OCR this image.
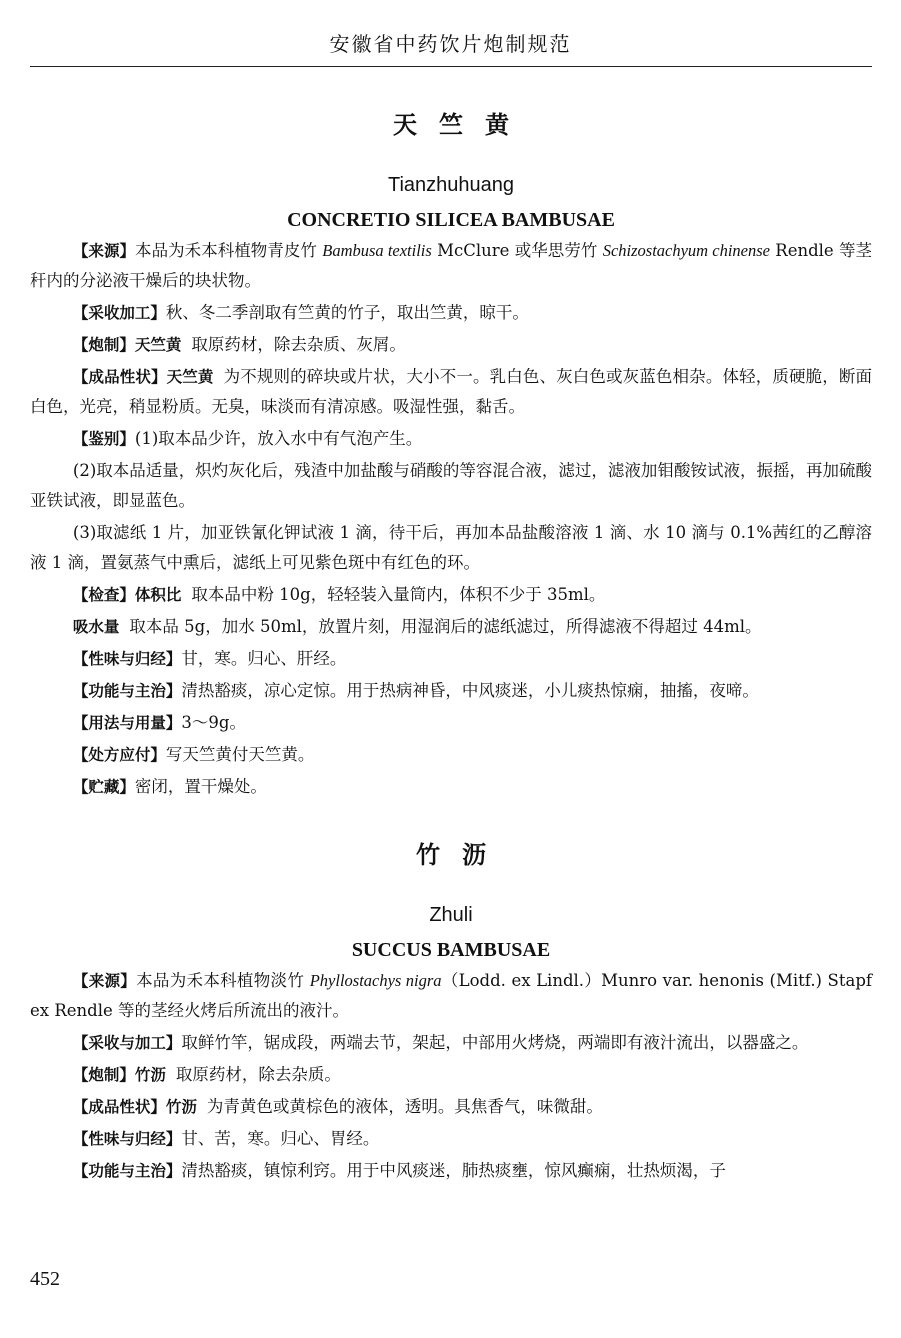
安徽省中药饮片炮制规范
天竺黄
Tianzhuhuang
CONCRETIO SILICEA BAMBUSAE

【来源】本品为禾本科植物青皮竹 Bambusa textilis McClure 或华思劳竹 Schizostachyum chinense Rendle 等茎秆内的分泌液干燥后的块状物。

【采收加工】秋、冬二季剖取有竺黄的竹子，取出竺黄，晾干。

【炮制】天竺黄 取原药材，除去杂质、灰屑。

【成品性状】天竺黄 为不规则的碎块或片状，大小不一。乳白色、灰白色或灰蓝色相杂。体轻，质硬脆，断面白色，光亮，稍显粉质。无臭，味淡而有清凉感。吸湿性强，黏舌。

【鉴别】(1)取本品少许，放入水中有气泡产生。

(2)取本品适量，炽灼灰化后，残渣中加盐酸与硝酸的等容混合液，滤过，滤液加钼酸铵试液，振摇，再加硫酸亚铁试液，即显蓝色。

(3)取滤纸 1 片，加亚铁氰化钾试液 1 滴，待干后，再加本品盐酸溶液 1 滴、水 10 滴与 0.1%茜红的乙醇溶液 1 滴，置氨蒸气中熏后，滤纸上可见紫色斑中有红色的环。

【检查】体积比 取本品中粉 10g，轻轻装入量筒内，体积不少于 35ml。

吸水量 取本品 5g，加水 50ml，放置片刻，用湿润后的滤纸滤过，所得滤液不得超过 44ml。

【性味与归经】甘，寒。归心、肝经。

【功能与主治】清热豁痰，凉心定惊。用于热病神昏，中风痰迷，小儿痰热惊痫，抽搐，夜啼。

【用法与用量】3～9g。

【处方应付】写天竺黄付天竺黄。

【贮藏】密闭，置干燥处。

竹沥
Zhuli
SUCCUS BAMBUSAE

【来源】本品为禾本科植物淡竹 Phyllostachys nigra（Lodd. ex Lindl.）Munro var. henonis (Mitf.) Stapf ex Rendle 等的茎经火烤后所流出的液汁。

【采收与加工】取鲜竹竿，锯成段，两端去节，架起，中部用火烤烧，两端即有液汁流出，以器盛之。

【炮制】竹沥 取原药材，除去杂质。

【成品性状】竹沥 为青黄色或黄棕色的液体，透明。具焦香气，味微甜。

【性味与归经】甘、苦，寒。归心、胃经。

【功能与主治】清热豁痰，镇惊利窍。用于中风痰迷，肺热痰壅，惊风癫痫，壮热烦渴，子

452
